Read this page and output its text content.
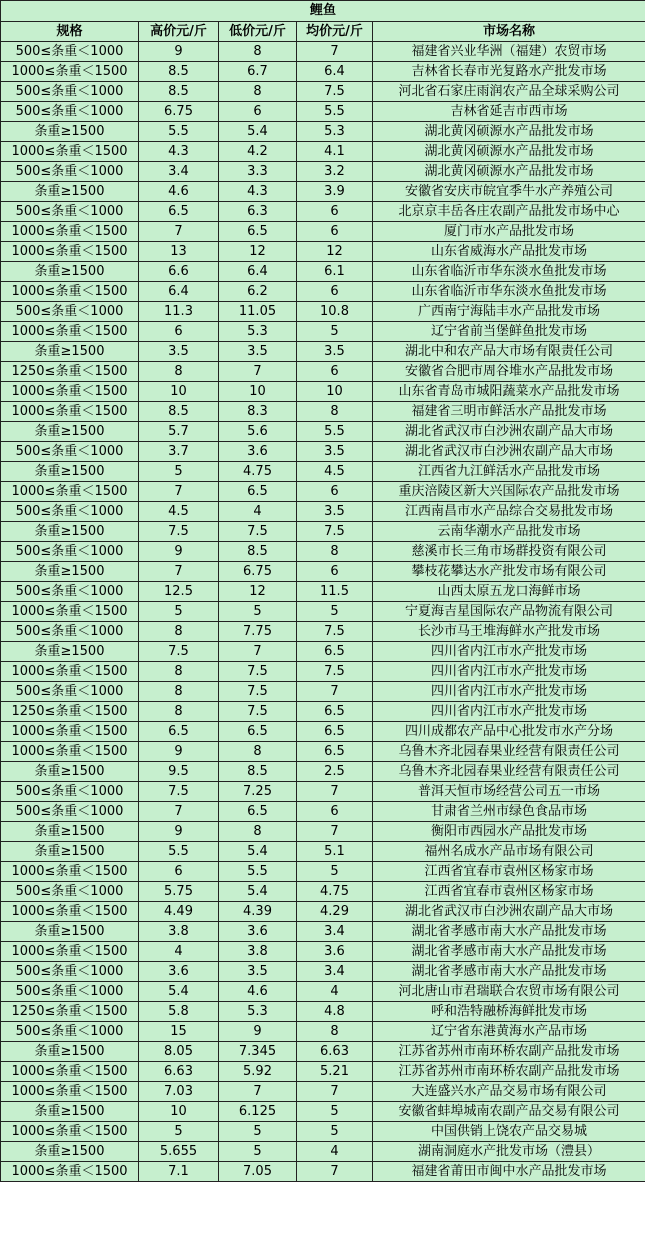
鲤鱼				
规格	高价元/斤	低价元/斤	均价元/斤	市场名称
500≤条重＜1000	9	8	7	福建省兴业华洲（福建）农贸市场
1000≤条重＜1500	8.5	6.7	6.4	吉林省长春市光复路水产批发市场
500≤条重＜1000	8.5	8	7.5	河北省石家庄雨润农产品全球采购公司
500≤条重＜1000	6.75	6	5.5	吉林省延吉市西市场
条重≥1500	5.5	5.4	5.3	湖北黄冈硕源水产品批发市场
1000≤条重＜1500	4.3	4.2	4.1	湖北黄冈硕源水产品批发市场
500≤条重＜1000	3.4	3.3	3.2	湖北黄冈硕源水产品批发市场
条重≥1500	4.6	4.3	3.9	安徽省安庆市皖宜季牛水产养殖公司
500≤条重＜1000	6.5	6.3	6	北京京丰岳各庄农副产品批发市场中心
1000≤条重＜1500	7	6.5	6	厦门市水产品批发市场
1000≤条重＜1500	13	12	12	山东省威海水产品批发市场
条重≥1500	6.6	6.4	6.1	山东省临沂市华东淡水鱼批发市场
1000≤条重＜1500	6.4	6.2	6	山东省临沂市华东淡水鱼批发市场
500≤条重＜1000	11.3	11.05	10.8	广西南宁海陆丰水产品批发市场
1000≤条重＜1500	6	5.3	5	辽宁省前当堡鲜鱼批发市场
条重≥1500	3.5	3.5	3.5	湖北中和农产品大市场有限责任公司
1250≤条重＜1500	8	7	6	安徽省合肥市周谷堆水产品批发市场
1000≤条重＜1500	10	10	10	山东省青岛市城阳蔬菜水产品批发市场
1000≤条重＜1500	8.5	8.3	8	福建省三明市鲜活水产品批发市场
条重≥1500	5.7	5.6	5.5	湖北省武汉市白沙洲农副产品大市场
500≤条重＜1000	3.7	3.6	3.5	湖北省武汉市白沙洲农副产品大市场
条重≥1500	5	4.75	4.5	江西省九江鲜活水产品批发市场
1000≤条重＜1500	7	6.5	6	重庆涪陵区新大兴国际农产品批发市场
500≤条重＜1000	4.5	4	3.5	江西南昌市水产品综合交易批发市场
条重≥1500	7.5	7.5	7.5	云南华潮水产品批发市场
500≤条重＜1000	9	8.5	8	慈溪市长三角市场群投资有限公司
条重≥1500	7	6.75	6	攀枝花攀达水产批发市场有限公司
500≤条重＜1000	12.5	12	11.5	山西太原五龙口海鲜市场
1000≤条重＜1500	5	5	5	宁夏海吉星国际农产品物流有限公司
500≤条重＜1000	8	7.75	7.5	长沙市马王堆海鲜水产批发市场
条重≥1500	7.5	7	6.5	四川省内江市水产批发市场
1000≤条重＜1500	8	7.5	7.5	四川省内江市水产批发市场
500≤条重＜1000	8	7.5	7	四川省内江市水产批发市场
1250≤条重＜1500	8	7.5	6.5	四川省内江市水产批发市场
1000≤条重＜1500	6.5	6.5	6.5	四川成都农产品中心批发市水产分场
1000≤条重＜1500	9	8	6.5	乌鲁木齐北园春果业经营有限责任公司
条重≥1500	9.5	8.5	2.5	乌鲁木齐北园春果业经营有限责任公司
500≤条重＜1000	7.5	7.25	7	普洱天恒市场经营公司五一市场
500≤条重＜1000	7	6.5	6	甘肃省兰州市绿色食品市场
条重≥1500	9	8	7	衡阳市西园水产品批发市场
条重≥1500	5.5	5.4	5.1	福州名成水产品市场有限公司
1000≤条重＜1500	6	5.5	5	江西省宜春市袁州区杨家市场
500≤条重＜1000	5.75	5.4	4.75	江西省宜春市袁州区杨家市场
1000≤条重＜1500	4.49	4.39	4.29	湖北省武汉市白沙洲农副产品大市场
条重≥1500	3.8	3.6	3.4	湖北省孝感市南大水产品批发市场
1000≤条重＜1500	4	3.8	3.6	湖北省孝感市南大水产品批发市场
500≤条重＜1000	3.6	3.5	3.4	湖北省孝感市南大水产品批发市场
500≤条重＜1000	5.4	4.6	4	河北唐山市君瑞联合农贸市场有限公司
1250≤条重＜1500	5.8	5.3	4.8	呼和浩特融桥海鲜批发市场
500≤条重＜1000	15	9	8	辽宁省东港黄海水产品市场
条重≥1500	8.05	7.345	6.63	江苏省苏州市南环桥农副产品批发市场
1000≤条重＜1500	6.63	5.92	5.21	江苏省苏州市南环桥农副产品批发市场
1000≤条重＜1500	7.03	7	7	大连盛兴水产品交易市场有限公司
条重≥1500	10	6.125	5	安徽省蚌埠城南农副产品交易有限公司
1000≤条重＜1500	5	5	5	中国供销上饶农产品交易城
条重≥1500	5.655	5	4	湖南洞庭水产批发市场（澧县）
1000≤条重＜1500	7.1	7.05	7	福建省莆田市闽中水产品批发市场
